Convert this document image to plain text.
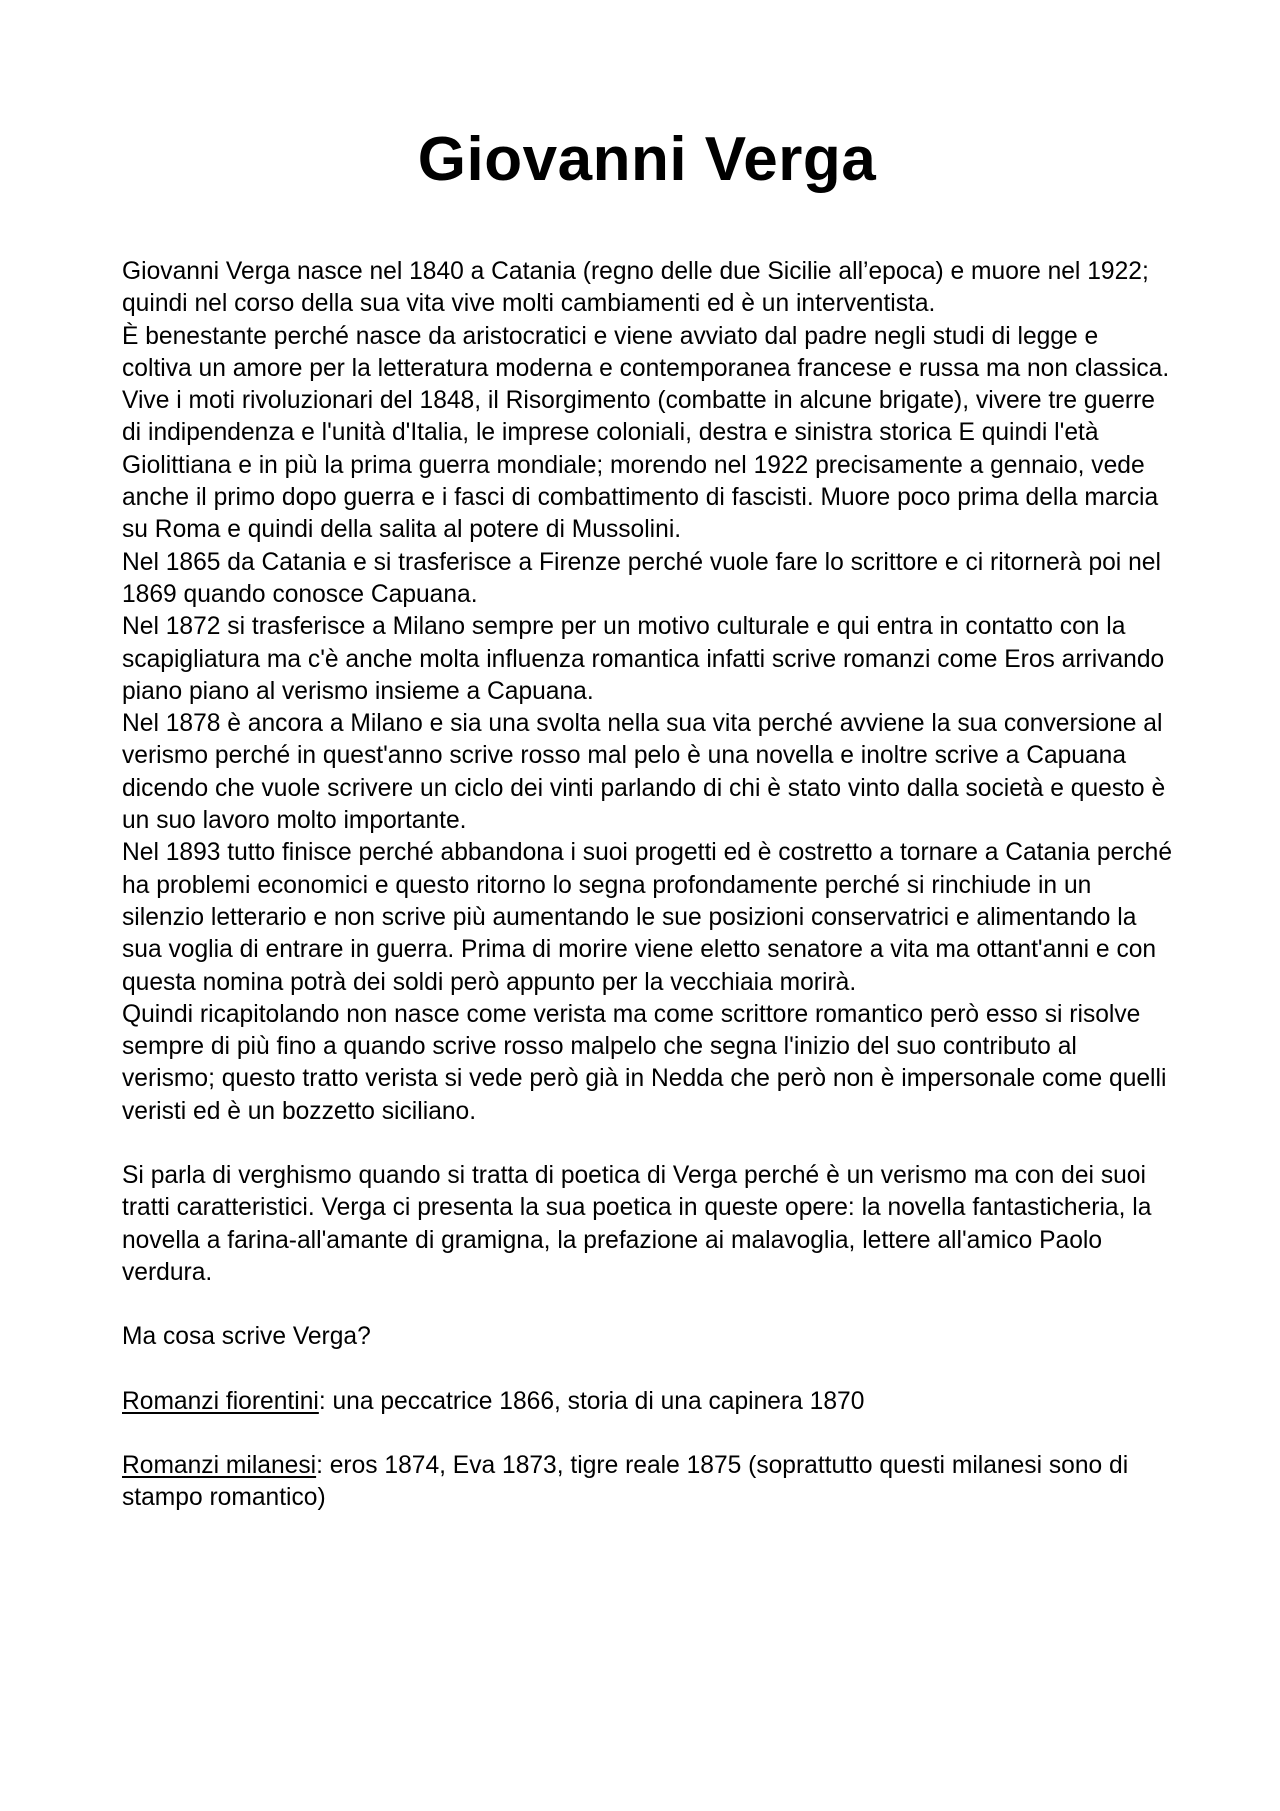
Giovanni Verga

Giovanni Verga nasce nel 1840 a Catania (regno delle due Sicilie all’epoca) e muore nel 1922; quindi nel corso della sua vita vive molti cambiamenti ed è un interventista.

È benestante perché nasce da aristocratici e viene avviato dal padre negli studi di legge e coltiva un amore per la letteratura moderna e contemporanea francese e russa ma non classica.

Vive i moti rivoluzionari del 1848, il Risorgimento (combatte in alcune brigate), vivere tre guerre di indipendenza e l'unità d'Italia, le imprese coloniali, destra e sinistra storica E quindi l'età Giolittiana e in più la prima guerra mondiale; morendo nel 1922 precisamente a gennaio, vede anche il primo dopo guerra e i fasci di combattimento di fascisti. Muore poco prima della marcia su Roma e quindi della salita al potere di Mussolini.

Nel 1865 da Catania e si trasferisce a Firenze perché vuole fare lo scrittore e ci ritornerà poi nel 1869 quando conosce Capuana.

Nel 1872 si trasferisce a Milano sempre per un motivo culturale e qui entra in contatto con la scapigliatura ma c'è anche molta influenza romantica infatti scrive romanzi come Eros arrivando piano piano al verismo insieme a Capuana.

Nel 1878 è ancora a Milano e sia una svolta nella sua vita perché avviene la sua conversione al verismo perché in quest'anno scrive rosso mal pelo è una novella e inoltre scrive a Capuana dicendo che vuole scrivere un ciclo dei vinti parlando di chi è stato vinto dalla società e questo è un suo lavoro molto importante.

Nel 1893 tutto finisce perché abbandona i suoi progetti ed è costretto a tornare a Catania perché ha problemi economici e questo ritorno lo segna profondamente perché si rinchiude in un silenzio letterario e non scrive più aumentando le sue posizioni conservatrici e alimentando la sua voglia di entrare in guerra. Prima di morire viene eletto senatore a vita ma ottant'anni e con questa nomina potrà dei soldi però appunto per la vecchiaia morirà.

Quindi ricapitolando non nasce come verista ma come scrittore romantico però esso si risolve sempre di più fino a quando scrive rosso malpelo che segna l'inizio del suo contributo al verismo; questo tratto verista si vede però già in Nedda che però non è impersonale come quelli veristi ed è un bozzetto siciliano.

Si parla di verghismo quando si tratta di poetica di Verga perché è un verismo ma con dei suoi tratti caratteristici. Verga ci presenta la sua poetica in queste opere: la novella fantasticheria, la novella a farina-all'amante di gramigna, la prefazione ai malavoglia, lettere all'amico Paolo verdura.

Ma cosa scrive Verga?

Romanzi fiorentini: una peccatrice 1866, storia di una capinera 1870

Romanzi milanesi: eros 1874, Eva 1873, tigre reale 1875 (soprattutto questi milanesi sono di stampo romantico)
